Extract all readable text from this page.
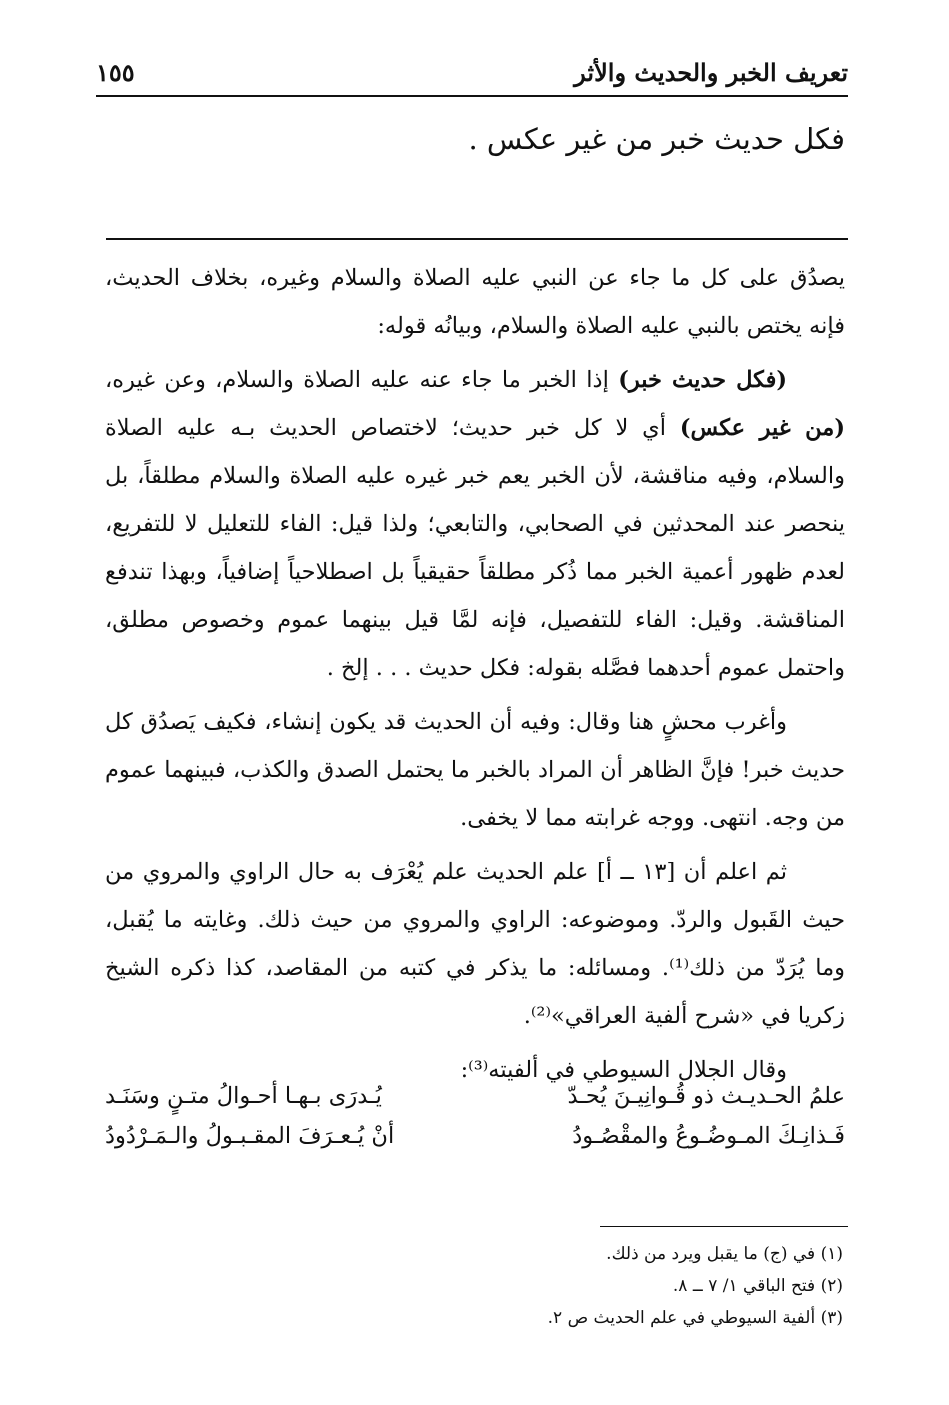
تعريف الخبر والحديث والأثر
١٥٥
فكل حديث خبر من غير عكس .

يصدُق على كل ما جاء عن النبي عليه الصلاة والسلام وغيره، بخلاف الحديث، فإنه يختص بالنبي عليه الصلاة والسلام، وبيانُه قوله:

(فكل حديث خبر) إذا الخبر ما جاء عنه عليه الصلاة والسلام، وعن غيره، (من غير عكس) أي لا كل خبر حديث؛ لاختصاص الحديث بـه عليه الصلاة والسلام، وفيه مناقشة، لأن الخبر يعم خبر غيره عليه الصلاة والسلام مطلقاً، بل ينحصر عند المحدثين في الصحابي، والتابعي؛ ولذا قيل: الفاء للتعليل لا للتفريع، لعدم ظهور أعمية الخبر مما ذُكر مطلقاً حقيقياً بل اصطلاحياً إضافياً، وبهذا تندفع المناقشة. وقيل: الفاء للتفصيل، فإنه لمَّا قيل بينهما عموم وخصوص مطلق، واحتمل عموم أحدهما فصَّله بقوله: فكل حديث . . . إلخ .

وأغرب محشٍ هنا وقال: وفيه أن الحديث قد يكون إنشاء، فكيف يَصدُق كل حديث خبر! فإنَّ الظاهر أن المراد بالخبر ما يحتمل الصدق والكذب، فبينهما عموم من وجه. انتهى. ووجه غرابته مما لا يخفى.

ثم اعلم أن [١٣ ــ أ] علم الحديث علم يُعْرَف به حال الراوي والمروي من حيث القَبول والردّ. وموضوعه: الراوي والمروي من حيث ذلك. وغايته ما يُقبل، وما يُرَدّ من ذلك⁽¹⁾. ومسائله: ما يذكر في كتبه من المقاصد، كذا ذكره الشيخ زكريا في «شرح ألفية العراقي»⁽²⁾.

وقال الجلال السيوطي في ألفيته⁽³⁾:

علمُ الحـديـث ذو قُـوانِيـنَ يُحـدّ
يُـدرَى بـهـا أحـوالُ متـنٍ وسَنَـد
فَـذانِـكَ المـوضُـوعُ والمقْصُـودُ
أنْ يُـعـرَفَ المقـبـولُ والـمَـرْدُودُ
(١) في (ج) ما يقبل ويرد من ذلك.
(٢) فتح الباقي ١/ ٧ ــ ٨.
(٣) ألفية السيوطي في علم الحديث ص ٢.
